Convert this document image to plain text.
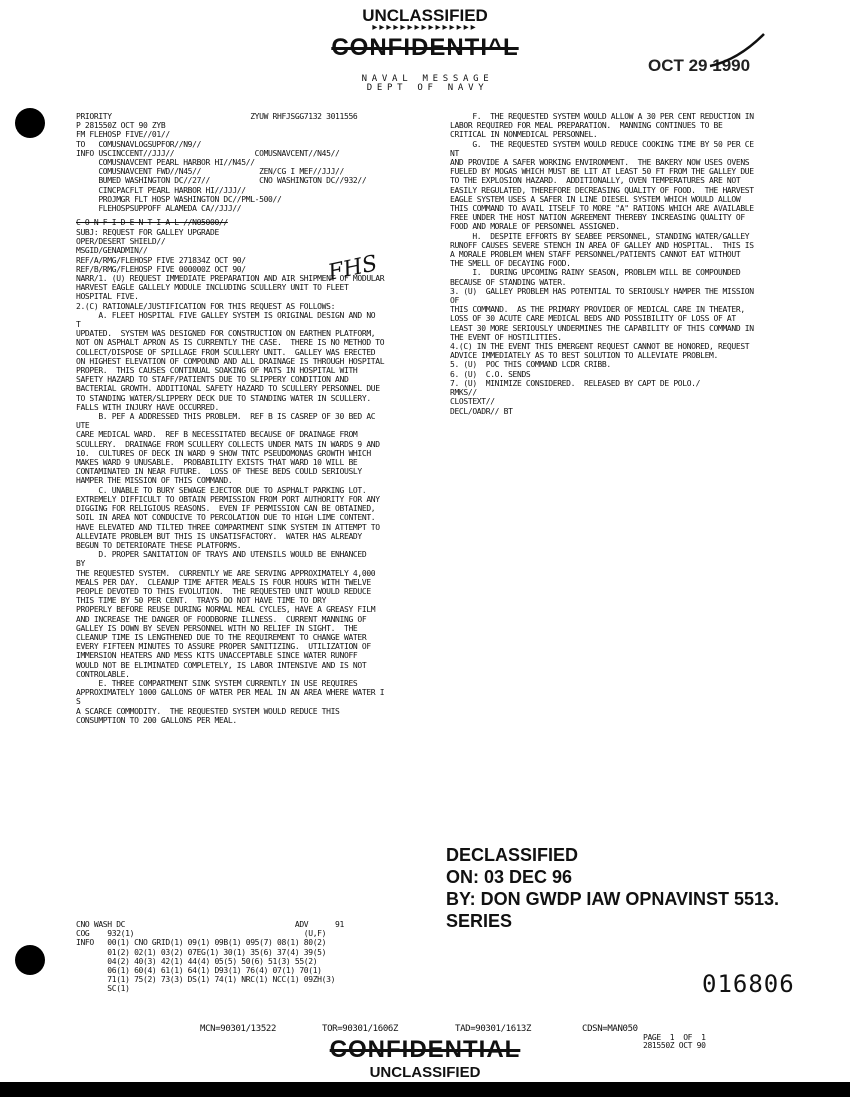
UNCLASSIFIED
▸▸▸▸▸▸▸▸▸▸▸▸▸▸▸
CONFIDENTI^L
OCT 29 1990
N A V A L   M E S S A G E
D E P T   O F   N A V Y
PRIORITY                               ZYUW RHFJSGG7132 3011556
P 281550Z OCT 90 ZYB
FM FLEHOSP FIVE//01//
TO   COMUSNAVLOGSUPFOR//N9//
INFO USCINCCENT//JJJ//                  COMUSNAVCENT//N45//
COMUSNAVCENT PEARL HARBOR HI//N45//
COMUSNAVCENT FWD//N45//             ZEN/CG I MEF//JJJ//
BUMED WASHINGTON DC//27//           CNO WASHINGTON DC//932//
CINCPACFLT PEARL HARBOR HI//JJJ//
PROJMGR FLT HOSP WASHINGTON DC//PML-500//
FLEHOSPSUPPOFF ALAMEDA CA//JJJ//
C O N F I D E N T I A L //N05000//
FHS
SUBJ: REQUEST FOR GALLEY UPGRADE
OPER/DESERT SHIELD//
MSGID/GENADMIN//
REF/A/RMG/FLEHOSP FIVE 271834Z OCT 90/
REF/B/RMG/FLEHOSP FIVE 000000Z OCT 90/
NARR/1. (U) REQUEST IMMEDIATE PREPARATION AND AIR SHIPMENT OF MODULAR
HARVEST EAGLE GALLELY MODULE INCLUDING SCULLERY UNIT TO FLEET
HOSPITAL FIVE.
2.(C) RATIONALE/JUSTIFICATION FOR THIS REQUEST AS FOLLOWS:
A. FLEET HOSPITAL FIVE GALLEY SYSTEM IS ORIGINAL DESIGN AND NO
T
UPDATED.  SYSTEM WAS DESIGNED FOR CONSTRUCTION ON EARTHEN PLATFORM,
NOT ON ASPHALT APRON AS IS CURRENTLY THE CASE.  THERE IS NO METHOD TO
COLLECT/DISPOSE OF SPILLAGE FROM SCULLERY UNIT.  GALLEY WAS ERECTED
ON HIGHEST ELEVATION OF COMPOUND AND ALL DRAINAGE IS THROUGH HOSPITAL
PROPER.  THIS CAUSES CONTINUAL SOAKING OF MATS IN HOSPITAL WITH
SAFETY HAZARD TO STAFF/PATIENTS DUE TO SLIPPERY CONDITION AND
BACTERIAL GROWTH. ADDITIONAL SAFETY HAZARD TO SCULLERY PERSONNEL DUE
TO STANDING WATER/SLIPPERY DECK DUE TO STANDING WATER IN SCULLERY.
FALLS WITH INJURY HAVE OCCURRED.
B. PEF A ADDRESSED THIS PROBLEM.  REF B IS CASREP OF 30 BED AC
UTE
CARE MEDICAL WARD.  REF B NECESSITATED BECAUSE OF DRAINAGE FROM
SCULLERY.  DRAINAGE FROM SCULLERY COLLECTS UNDER MATS IN WARDS 9 AND
10.  CULTURES OF DECK IN WARD 9 SHOW TNTC PSEUDOMONAS GROWTH WHICH
MAKES WARD 9 UNUSABLE.  PROBABILITY EXISTS THAT WARD 10 WILL BE
CONTAMINATED IN NEAR FUTURE.  LOSS OF THESE BEDS COULD SERIOUSLY
HAMPER THE MISSION OF THIS COMMAND.
C. UNABLE TO BURY SEWAGE EJECTOR DUE TO ASPHALT PARKING LOT.
EXTREMELY DIFFICULT TO OBTAIN PERMISSION FROM PORT AUTHORITY FOR ANY
DIGGING FOR RELIGIOUS REASONS.  EVEN IF PERMISSION CAN BE OBTAINED,
SOIL IN AREA NOT CONDUCIVE TO PERCOLATION DUE TO HIGH LIME CONTENT.
HAVE ELEVATED AND TILTED THREE COMPARTMENT SINK SYSTEM IN ATTEMPT TO
ALLEVIATE PROBLEM BUT THIS IS UNSATISFACTORY.  WATER HAS ALREADY
BEGUN TO DETERIORATE THESE PLATFORMS.
D. PROPER SANITATION OF TRAYS AND UTENSILS WOULD BE ENHANCED
BY
THE REQUESTED SYSTEM.  CURRENTLY WE ARE SERVING APPROXIMATELY 4,000
MEALS PER DAY.  CLEANUP TIME AFTER MEALS IS FOUR HOURS WITH TWELVE
PEOPLE DEVOTED TO THIS EVOLUTION.  THE REQUESTED UNIT WOULD REDUCE
THIS TIME BY 50 PER CENT.  TRAYS DO NOT HAVE TIME TO DRY
PROPERLY BEFORE REUSE DURING NORMAL MEAL CYCLES, HAVE A GREASY FILM
AND INCREASE THE DANGER OF FOODBORNE ILLNESS.  CURRENT MANNING OF
GALLEY IS DOWN BY SEVEN PERSONNEL WITH NO RELIEF IN SIGHT.  THE
CLEANUP TIME IS LENGTHENED DUE TO THE REQUIREMENT TO CHANGE WATER
EVERY FIFTEEN MINUTES TO ASSURE PROPER SANITIZING.  UTILIZATION OF
IMMERSION HEATERS AND MESS KITS UNACCEPTABLE SINCE WATER RUNOFF
WOULD NOT BE ELIMINATED COMPLETELY, IS LABOR INTENSIVE AND IS NOT
CONTROLABLE.
E. THREE COMPARTMENT SINK SYSTEM CURRENTLY IN USE REQUIRES
APPROXIMATELY 1000 GALLONS OF WATER PER MEAL IN AN AREA WHERE WATER I
S
A SCARCE COMMODITY.  THE REQUESTED SYSTEM WOULD REDUCE THIS
CONSUMPTION TO 200 GALLONS PER MEAL.
CNO WASH DC                                      ADV      91
COG    932(1)                                      (U,F)
INFO   00(1) CNO GRID(1) 09(1) 09B(1) 095(7) 08(1) 80(2)
01(2) 02(1) 03(2) 07EG(1) 30(1) 35(6) 37(4) 39(5)
04(2) 40(3) 42(1) 44(4) 05(5) 50(6) 51(3) 55(2)
06(1) 60(4) 61(1) 64(1) D93(1) 76(4) 07(1) 70(1)
71(1) 75(2) 73(3) DS(1) 74(1) NRC(1) NCC(1) 09ZH(3)
SC(1)
F.  THE REQUESTED SYSTEM WOULD ALLOW A 30 PER CENT REDUCTION IN
LABOR REQUIRED FOR MEAL PREPARATION.  MANNING CONTINUES TO BE
CRITICAL IN NONMEDICAL PERSONNEL.
G.  THE REQUESTED SYSTEM WOULD REDUCE COOKING TIME BY 50 PER CE
NT
AND PROVIDE A SAFER WORKING ENVIRONMENT.  THE BAKERY NOW USES OVENS
FUELED BY MOGAS WHICH MUST BE LIT AT LEAST 50 FT FROM THE GALLEY DUE
TO THE EXPLOSION HAZARD.  ADDITIONALLY, OVEN TEMPERATURES ARE NOT
EASILY REGULATED, THEREFORE DECREASING QUALITY OF FOOD.  THE HARVEST
EAGLE SYSTEM USES A SAFER IN LINE DIESEL SYSTEM WHICH WOULD ALLOW
THIS COMMAND TO AVAIL ITSELF TO MORE "A" RATIONS WHICH ARE AVAILABLE
FREE UNDER THE HOST NATION AGREEMENT THEREBY INCREASING QUALITY OF
FOOD AND MORALE OF PERSONNEL ASSIGNED.
H.  DESPITE EFFORTS BY SEABEE PERSONNEL, STANDING WATER/GALLEY
RUNOFF CAUSES SEVERE STENCH IN AREA OF GALLEY AND HOSPITAL.  THIS IS
A MORALE PROBLEM WHEN STAFF PERSONNEL/PATIENTS CANNOT EAT WITHOUT
THE SMELL OF DECAYING FOOD.
I.  DURING UPCOMING RAINY SEASON, PROBLEM WILL BE COMPOUNDED
BECAUSE OF STANDING WATER.
3. (U)  GALLEY PROBLEM HAS POTENTIAL TO SERIOUSLY HAMPER THE MISSION
OF
THIS COMMAND.  AS THE PRIMARY PROVIDER OF MEDICAL CARE IN THEATER,
LOSS OF 30 ACUTE CARE MEDICAL BEDS AND POSSIBILITY OF LOSS OF AT
LEAST 30 MORE SERIOUSLY UNDERMINES THE CAPABILITY OF THIS COMMAND IN
THE EVENT OF HOSTILITIES.
4.(C) IN THE EVENT THIS EMERGENT REQUEST CANNOT BE HONORED, REQUEST
ADVICE IMMEDIATELY AS TO BEST SOLUTION TO ALLEVIATE PROBLEM.
5. (U)  POC THIS COMMAND LCDR CRIBB.
6. (U)  C.O. SENDS
7. (U)  MINIMIZE CONSIDERED.  RELEASED BY CAPT DE POLO./
RMKS//
CLOSTEXT//
DECL/OADR// BT
DECLASSIFIED
ON: 03 DEC 96
BY: DON GWDP IAW OPNAVINST 5513.
SERIES
016806
MCN=90301/13522	TOR=90301/1606Z	TAD=90301/1613Z	CDSN=MAN050
PAGE  1  OF  1
281550Z OCT 90
CONFIDENTIAL
UNCLASSIFIED
